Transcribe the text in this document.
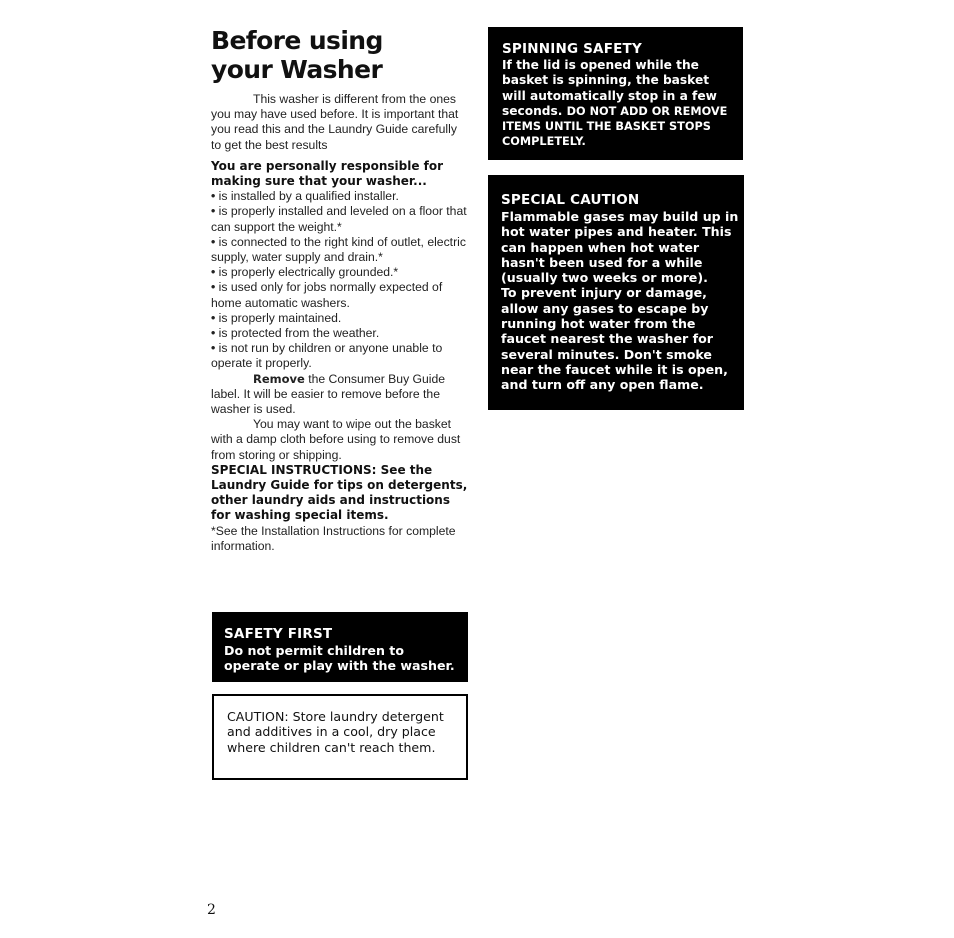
Before using
your Washer

This washer is different from the ones you may have used before. It is important that you read this and the Laundry Guide carefully to get the best results

You are personally responsible for making sure that your washer...

• is installed by a qualified installer.
• is properly installed and leveled on a floor that can support the weight.*
• is connected to the right kind of outlet, electric supply, water supply and drain.*
• is properly electrically grounded.*
• is used only for jobs normally expected of home automatic washers.
• is properly maintained.
• is protected from the weather.
• is not run by children or anyone unable to operate it properly.

Remove the Consumer Buy Guide label. It will be easier to remove before the washer is used.

You may want to wipe out the basket with a damp cloth before using to remove dust from storing or shipping.

SPECIAL INSTRUCTIONS: See the Laundry Guide for tips on detergents, other laundry aids and instructions for washing special items.

*See the Installation Instructions for complete information.

SPINNING SAFETY
If the lid is opened while the basket is spinning, the basket will automatically stop in a few seconds. DO NOT ADD OR REMOVE ITEMS UNTIL THE BASKET STOPS COMPLETELY.
SPECIAL CAUTION
Flammable gases may build up in hot water pipes and heater. This can happen when hot water hasn't been used for a while (usually two weeks or more).
To prevent injury or damage, allow any gases to escape by running hot water from the faucet nearest the washer for several minutes. Don't smoke near the faucet while it is open, and turn off any open flame.
SAFETY FIRST
Do not permit children to operate or play with the washer.
CAUTION: Store laundry detergent and additives in a cool, dry place where children can't reach them.
2
